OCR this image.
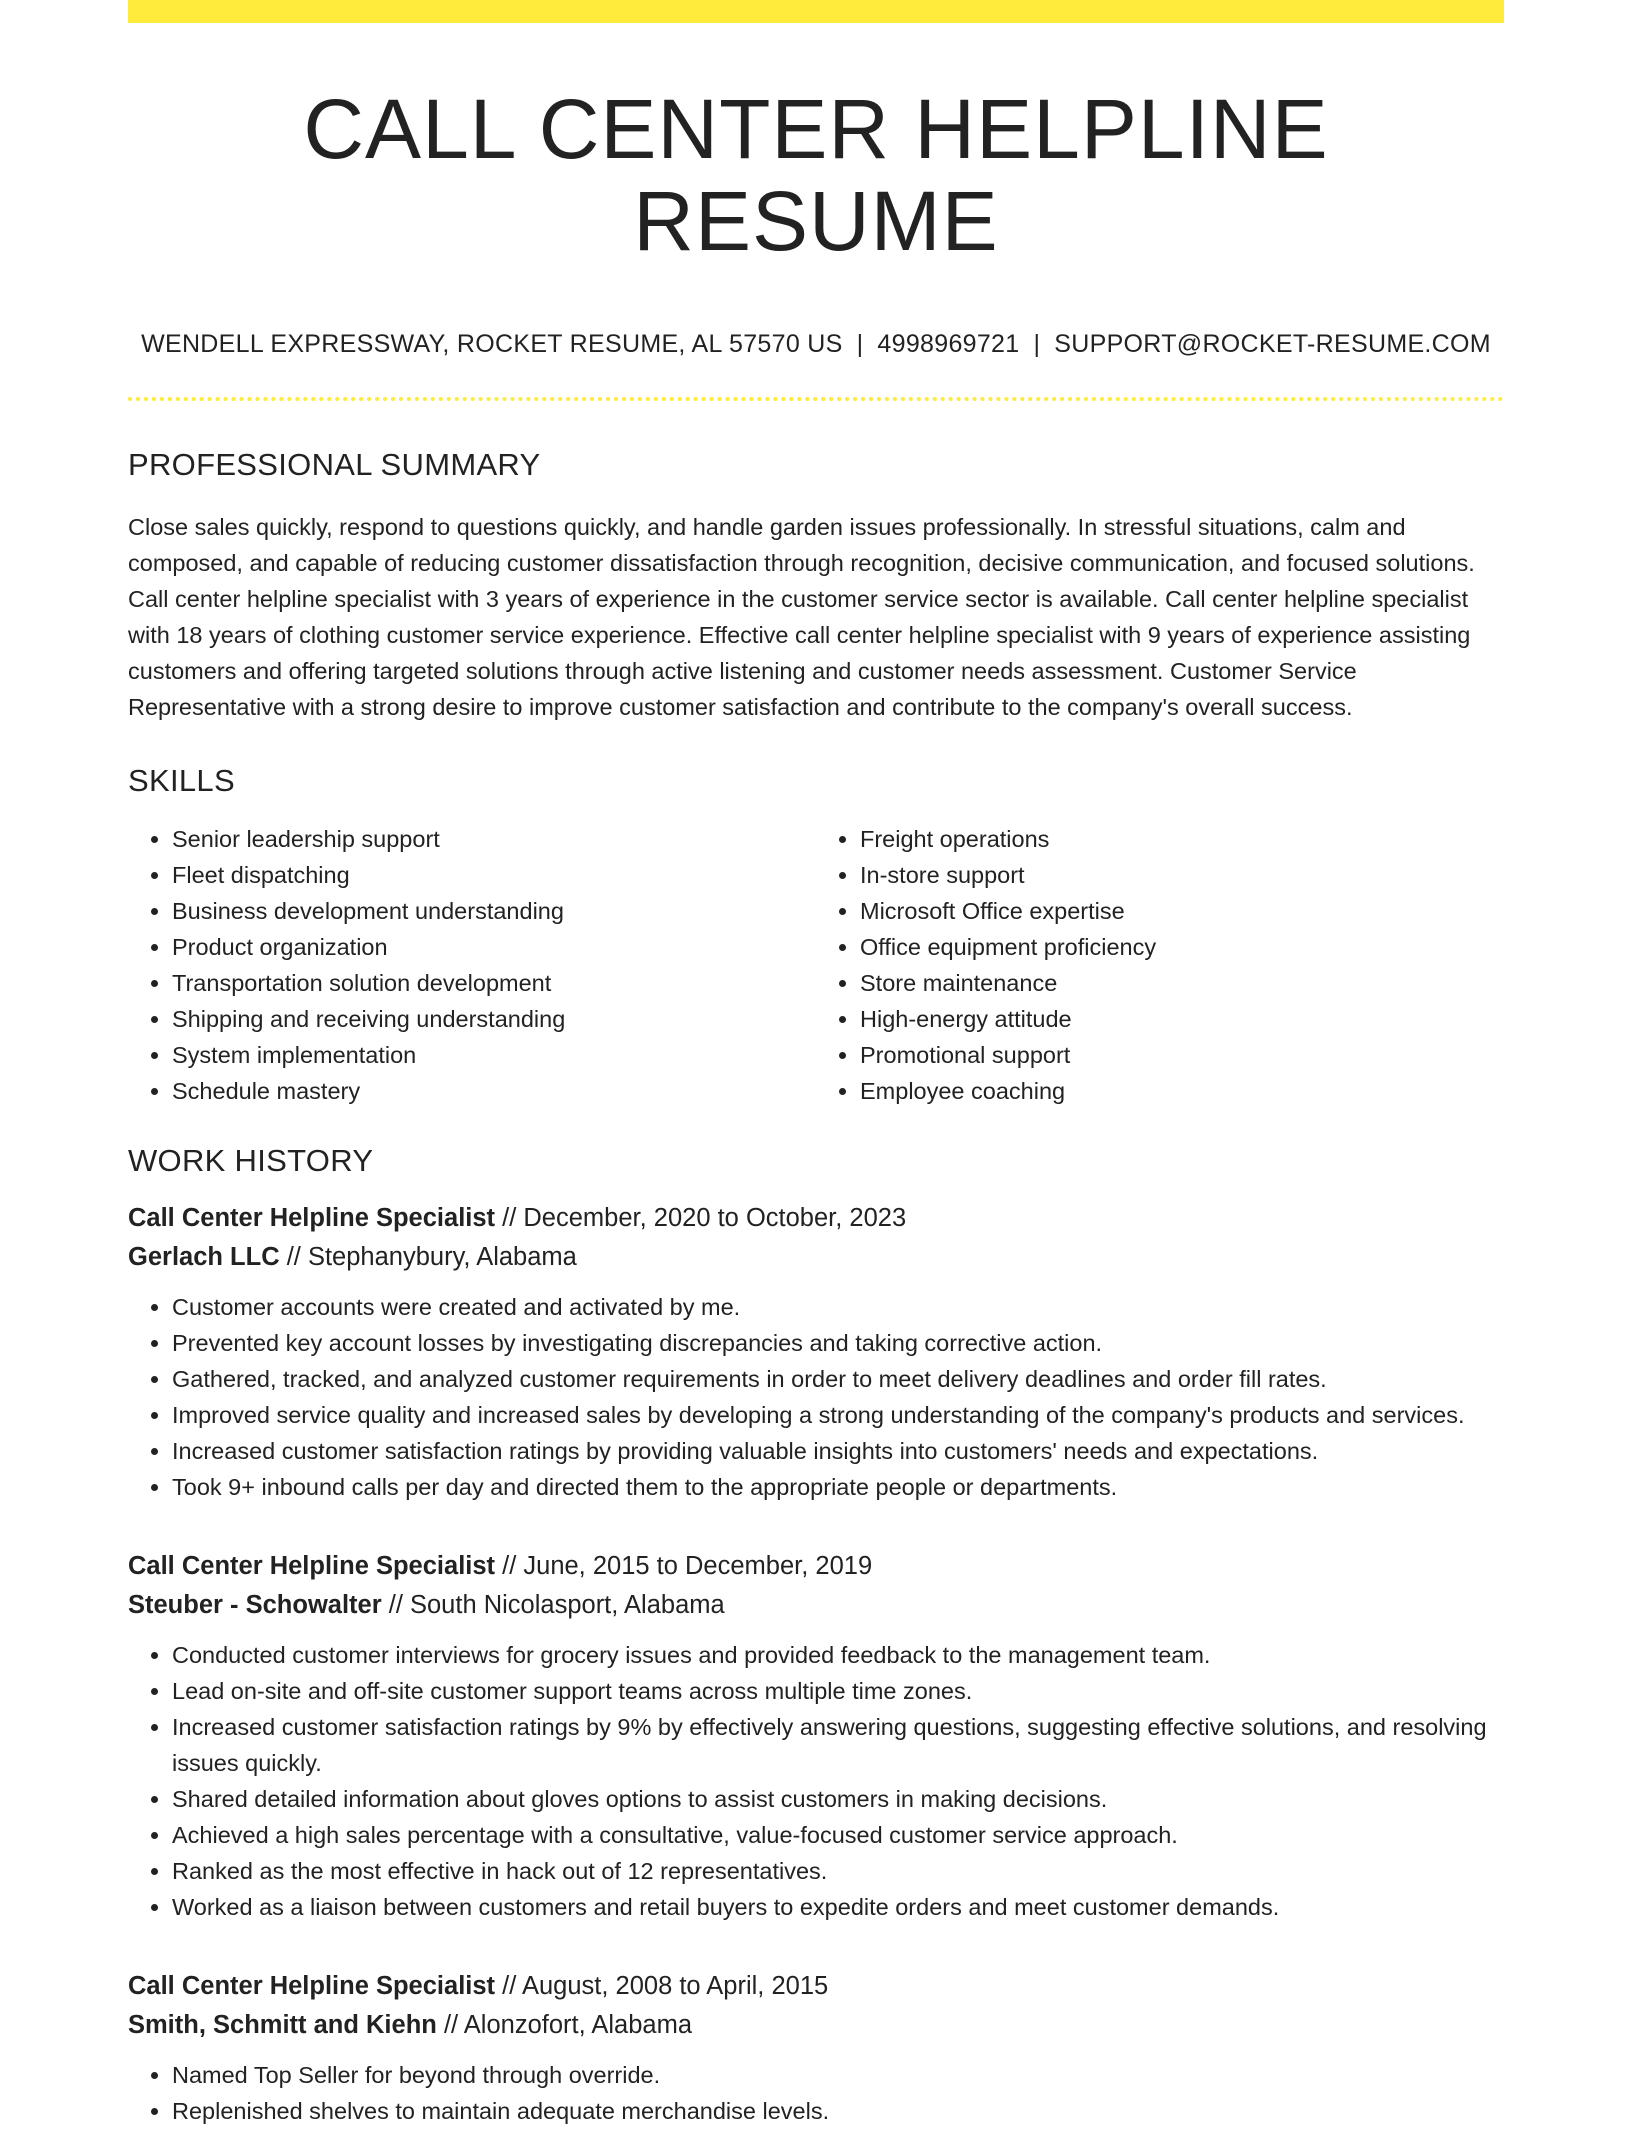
CALL CENTER HELPLINE RESUME
WENDELL EXPRESSWAY, ROCKET RESUME, AL 57570 US | 4998969721 | SUPPORT@ROCKET-RESUME.COM
PROFESSIONAL SUMMARY

Close sales quickly, respond to questions quickly, and handle garden issues professionally. In stressful situations, calm and composed, and capable of reducing customer dissatisfaction through recognition, decisive communication, and focused solutions. Call center helpline specialist with 3 years of experience in the customer service sector is available. Call center helpline specialist with 18 years of clothing customer service experience. Effective call center helpline specialist with 9 years of experience assisting customers and offering targeted solutions through active listening and customer needs assessment. Customer Service Representative with a strong desire to improve customer satisfaction and contribute to the company's overall success.

SKILLS
• Senior leadership support
• Fleet dispatching
• Business development understanding
• Product organization
• Transportation solution development
• Shipping and receiving understanding
• System implementation
• Schedule mastery
• Freight operations
• In-store support
• Microsoft Office expertise
• Office equipment proficiency
• Store maintenance
• High-energy attitude
• Promotional support
• Employee coaching
WORK HISTORY
Call Center Helpline Specialist // December, 2020 to October, 2023
Gerlach LLC // Stephanybury, Alabama
• Customer accounts were created and activated by me.
• Prevented key account losses by investigating discrepancies and taking corrective action.
• Gathered, tracked, and analyzed customer requirements in order to meet delivery deadlines and order fill rates.
• Improved service quality and increased sales by developing a strong understanding of the company's products and services.
• Increased customer satisfaction ratings by providing valuable insights into customers' needs and expectations.
• Took 9+ inbound calls per day and directed them to the appropriate people or departments.
Call Center Helpline Specialist // June, 2015 to December, 2019
Steuber - Schowalter // South Nicolasport, Alabama
• Conducted customer interviews for grocery issues and provided feedback to the management team.
• Lead on-site and off-site customer support teams across multiple time zones.
• Increased customer satisfaction ratings by 9% by effectively answering questions, suggesting effective solutions, and resolving issues quickly.
• Shared detailed information about gloves options to assist customers in making decisions.
• Achieved a high sales percentage with a consultative, value-focused customer service approach.
• Ranked as the most effective in hack out of 12 representatives.
• Worked as a liaison between customers and retail buyers to expedite orders and meet customer demands.
Call Center Helpline Specialist // August, 2008 to April, 2015
Smith, Schmitt and Kiehn // Alonzofort, Alabama
• Named Top Seller for beyond through override.
• Replenished shelves to maintain adequate merchandise levels.
